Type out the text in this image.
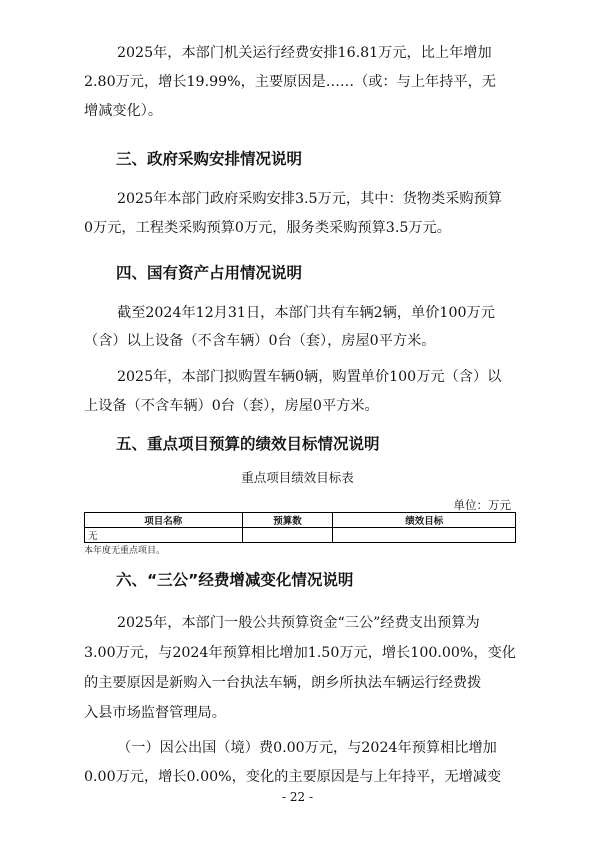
2025年，本部门机关运行经费安排16.81万元，比上年增加
2.80万元，增长19.99%，主要原因是……（或：与上年持平，无
增减变化）。
三、政府采购安排情况说明
2025年本部门政府采购安排3.5万元，其中：货物类采购预算
0万元，工程类采购预算0万元，服务类采购预算3.5万元。
四、国有资产占用情况说明
截至2024年12月31日，本部门共有车辆2辆，单价100万元
（含）以上设备（不含车辆）0台（套），房屋0平方米。
2025年，本部门拟购置车辆0辆，购置单价100万元（含）以
上设备（不含车辆）0台（套），房屋0平方米。
五、重点项目预算的绩效目标情况说明
重点项目绩效目标表
单位：万元
项目名称	预算数	绩效目标
无		
本年度无重点项目。
六、“三公”经费增减变化情况说明
2025年，本部门一般公共预算资金“三公”经费支出预算为
3.00万元，与2024年预算相比增加1.50万元，增长100.00%，变化
的主要原因是新购入一台执法车辆，朗乡所执法车辆运行经费拨
入县市场监督管理局。
（一）因公出国（境）费0.00万元，与2024年预算相比增加
0.00万元，增长0.00%，变化的主要原因是与上年持平，无增减变
- 22 -
